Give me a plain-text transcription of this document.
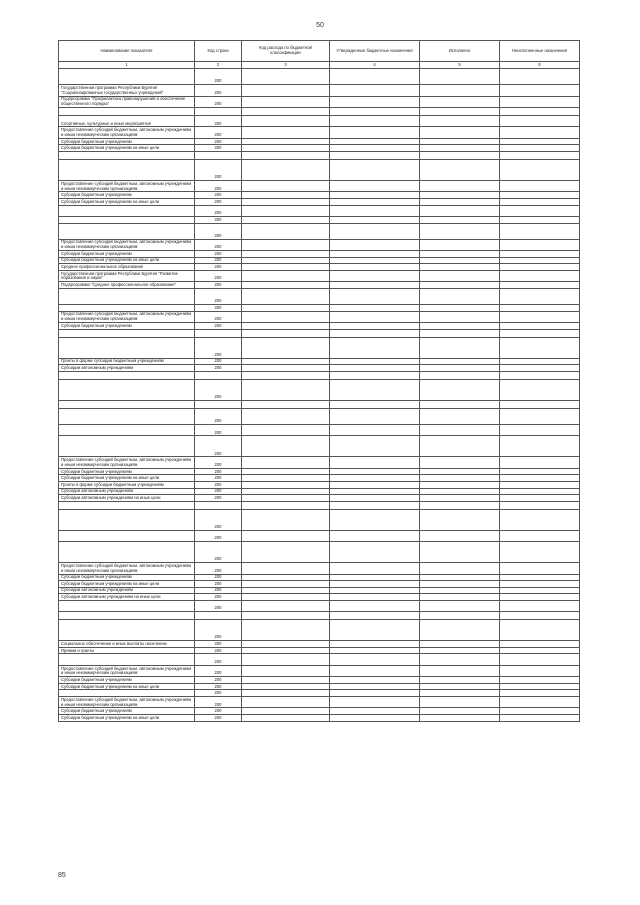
50
Наименование показателя	Код строки	Код расхода по бюджетной классификации	Утвержденные бюджетные назначения	Исполнено	Неисполненные назначения
1	2	3	4	5	6
	200				
Государственная программа Республики Бурятия "Социализированных государственных учреждений"	200				
Подпрограмма "Профилактика правонарушений и обеспечение общественного порядка"	200				

Спортивные, культурные и иные мероприятия	200				
Предоставление субсидий бюджетным, автономным учреждениям и иным некоммерческим организациям	200				
Субсидии бюджетным учреждениям	200				
Субсидии бюджетным учреждениям на иные цели	200				

	200				
Предоставление субсидий бюджетным, автономным учреждениям и иным некоммерческим организациям	200				
Субсидии бюджетным учреждениям	200				
Субсидии бюджетным учреждениям на иные цели	200				
	200				
	200				
	200				
Предоставление субсидий бюджетным, автономным учреждениям и иным некоммерческим организациям	200				
Субсидии бюджетным учреждениям	200				
Субсидии бюджетным учреждениям на иные цели	200				
Среднее профессиональное образование	200				
Государственная программа Республики Бурятия "Развитие образования и науки"	200				
Подпрограмма "Среднее профессиональное образование"	200				
	200				
	200				
Предоставление субсидий бюджетным, автономным учреждениям и иным некоммерческим организациям	200				
Субсидии бюджетным учреждениям	200				

	200				
Гранты в форме субсидии бюджетным учреждениям	200				
Субсидии автономным учреждениям	200				

	200				

	200				
	200				
	200				
Предоставление субсидий бюджетным, автономным учреждениям и иным некоммерческим организациям	200				
Субсидии бюджетным учреждениям	200				
Субсидии бюджетным учреждениям на иные цели	200				
Гранты в форме субсидии бюджетным учреждениям	200				
Субсидии автономным учреждениям	200				
Субсидии автономным учреждениям на иные цели	200				

	200				
	200				
	200				
Предоставление субсидий бюджетным, автономным учреждениям и иным некоммерческим организациям	200				
Субсидии бюджетным учреждениям	200				
Субсидии бюджетным учреждениям на иные цели	200				
Субсидии автономным учреждениям	200				
Субсидии автономным учреждениям на иные цели	200				
	200				

	200				
Социальное обеспечение и иные выплаты населению	200				
Премии и гранты	200				
	200				
Предоставление субсидий бюджетным, автономным учреждениям и иным некоммерческим организациям	200				
Субсидии бюджетным учреждениям	200				
Субсидии бюджетным учреждениям на иные цели	200				
	200				
Предоставление субсидий бюджетным, автономным учреждениям и иным некоммерческим организациям	200				
Субсидии бюджетным учреждениям	200				
Субсидии бюджетным учреждениям на иные цели	200				
85
